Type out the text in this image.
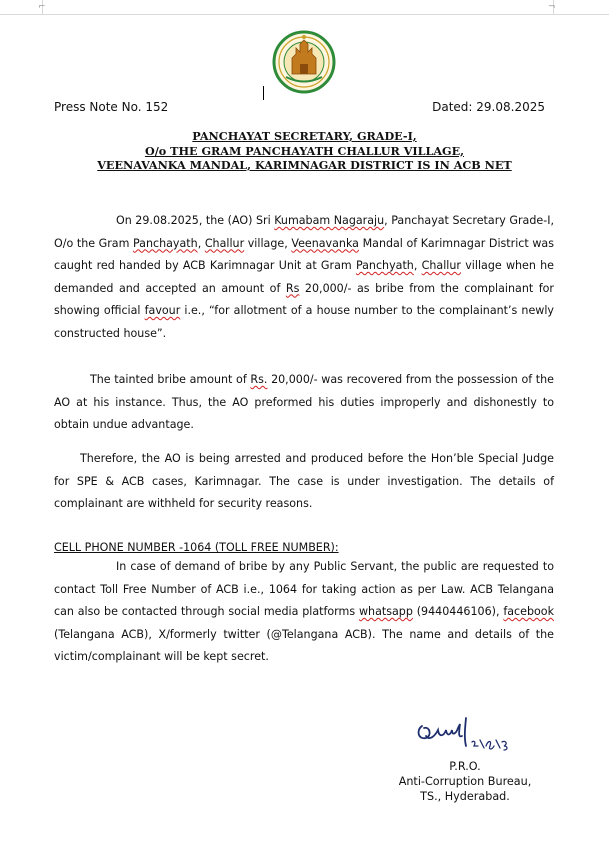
⌐	¬
Press Note No. 152	Dated: 29.08.2025
PANCHAYAT SECRETARY, GRADE-I,
O/o THE GRAM PANCHAYATH CHALLUR VILLAGE,
VEENAVANKA MANDAL, KARIMNAGAR DISTRICT IS IN ACB NET
On 29.08.2025, the (AO) Sri Kumabam Nagaraju, Panchayat Secretary Grade-I, O/o the Gram Panchayath, Challur village, Veenavanka Mandal of Karimnagar District was caught red handed by ACB Karimnagar Unit at Gram Panchyath, Challur village when he demanded and accepted an amount of Rs 20,000/- as bribe from the complainant for showing official favour i.e., “for allotment of a house number to the complainant’s newly constructed house”.
The tainted bribe amount of Rs. 20,000/- was recovered from the possession of the AO at his instance. Thus, the AO preformed his duties improperly and dishonestly to obtain undue advantage.
Therefore, the AO is being arrested and produced before the Hon’ble Special Judge for SPE & ACB cases, Karimnagar. The case is under investigation. The details of complainant are withheld for security reasons.
CELL PHONE NUMBER -1064 (TOLL FREE NUMBER):
In case of demand of bribe by any Public Servant, the public are requested to contact Toll Free Number of ACB i.e., 1064 for taking action as per Law. ACB Telangana can also be contacted through social media platforms whatsapp (9440446106), facebook (Telangana ACB), X/formerly twitter (@Telangana ACB). The name and details of the victim/complainant will be kept secret.
P.R.O.
Anti-Corruption Bureau,
TS., Hyderabad.
